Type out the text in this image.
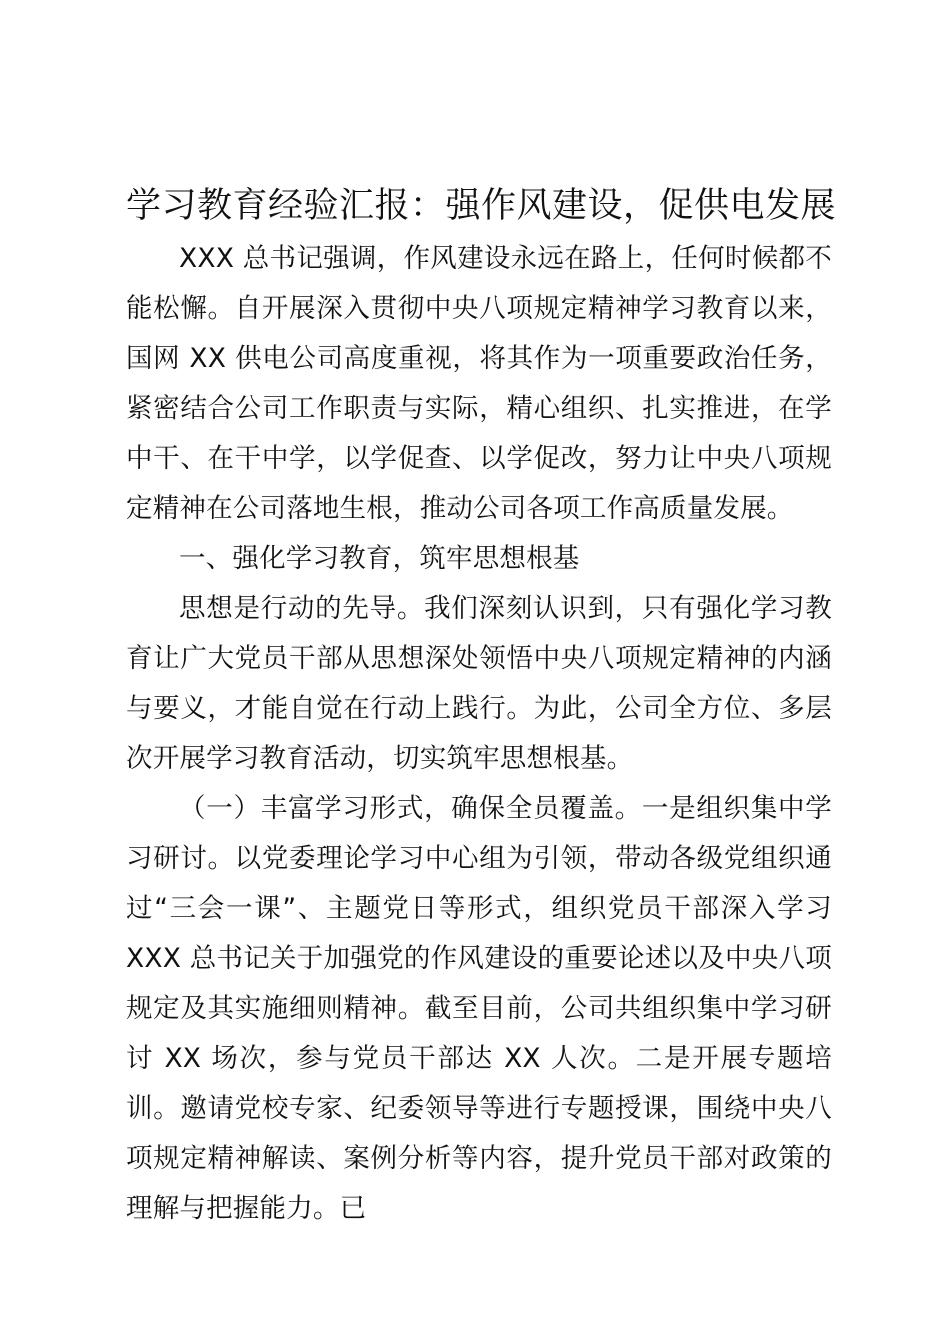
学习教育经验汇报：强作风建设，促供电发展

XXX 总书记强调，作风建设永远在路上，任何时候都不能松懈。自开展深入贯彻中央八项规定精神学习教育以来，国网 XX 供电公司高度重视，将其作为一项重要政治任务，紧密结合公司工作职责与实际，精心组织、扎实推进，在学中干、在干中学，以学促查、以学促改，努力让中央八项规定精神在公司落地生根，推动公司各项工作高质量发展。

一、强化学习教育，筑牢思想根基

思想是行动的先导。我们深刻认识到，只有强化学习教育让广大党员干部从思想深处领悟中央八项规定精神的内涵与要义，才能自觉在行动上践行。为此，公司全方位、多层次开展学习教育活动，切实筑牢思想根基。

（一）丰富学习形式，确保全员覆盖。一是组织集中学习研讨。以党委理论学习中心组为引领，带动各级党组织通过“三会一课”、主题党日等形式，组织党员干部深入学习 XXX 总书记关于加强党的作风建设的重要论述以及中央八项规定及其实施细则精神。截至目前，公司共组织集中学习研讨 XX 场次，参与党员干部达 XX 人次。二是开展专题培训。邀请党校专家、纪委领导等进行专题授课，围绕中央八项规定精神解读、案例分析等内容，提升党员干部对政策的理解与把握能力。已
